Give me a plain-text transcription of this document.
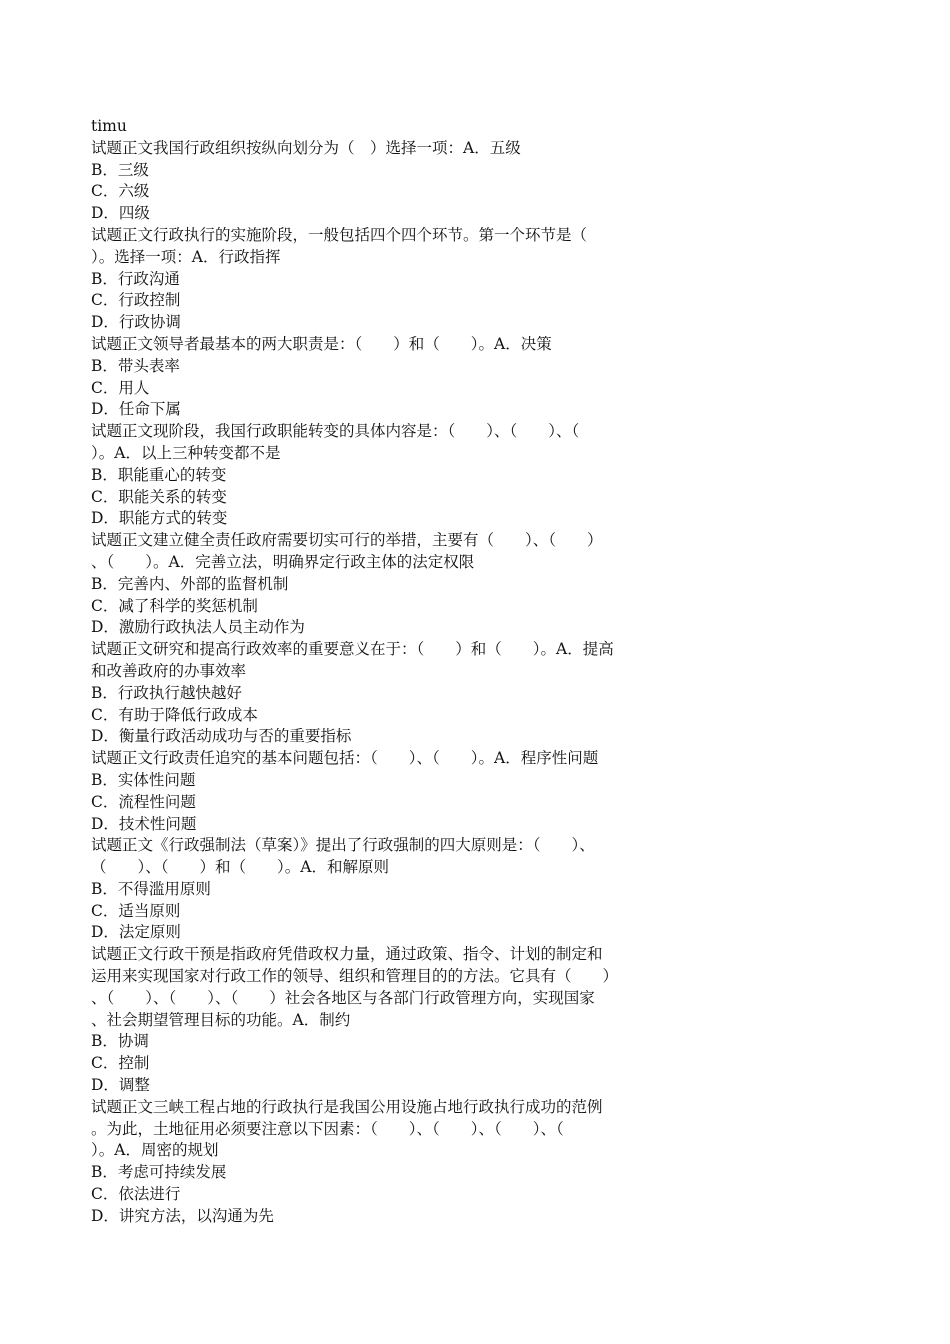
timu
试题正文我国行政组织按纵向划分为（　）选择一项：A．五级
B．三级
C．六级
D．四级
试题正文行政执行的实施阶段，一般包括四个四个环节。第一个环节是（
）。选择一项：A．行政指挥
B．行政沟通
C．行政控制
D．行政协调
试题正文领导者最基本的两大职责是：（　　）和（　　）。A．决策
B．带头表率
C．用人
D．任命下属
试题正文现阶段，我国行政职能转变的具体内容是：（　　）、（　　）、（
）。A．以上三种转变都不是
B．职能重心的转变
C．职能关系的转变
D．职能方式的转变
试题正文建立健全责任政府需要切实可行的举措，主要有（　　）、（　　）
、（　　）。A．完善立法，明确界定行政主体的法定权限
B．完善内、外部的监督机制
C．减了科学的奖惩机制
D．激励行政执法人员主动作为
试题正文研究和提高行政效率的重要意义在于：（　　）和（　　）。A．提高
和改善政府的办事效率
B．行政执行越快越好
C．有助于降低行政成本
D．衡量行政活动成功与否的重要指标
试题正文行政责任追究的基本问题包括：（　　）、（　　）。A．程序性问题
B．实体性问题
C．流程性问题
D．技术性问题
试题正文《行政强制法（草案）》提出了行政强制的四大原则是：（　　）、
（　　）、（　　）和（　　）。A．和解原则
B．不得滥用原则
C．适当原则
D．法定原则
试题正文行政干预是指政府凭借政权力量，通过政策、指令、计划的制定和
运用来实现国家对行政工作的领导、组织和管理目的的方法。它具有（　　）
、（　　）、（　　）、（　　）社会各地区与各部门行政管理方向，实现国家
、社会期望管理目标的功能。A．制约
B．协调
C．控制
D．调整
试题正文三峡工程占地的行政执行是我国公用设施占地行政执行成功的范例
。为此，土地征用必须要注意以下因素：（　　）、（　　）、（　　）、（
）。A．周密的规划
B．考虑可持续发展
C．依法进行
D．讲究方法，以沟通为先
